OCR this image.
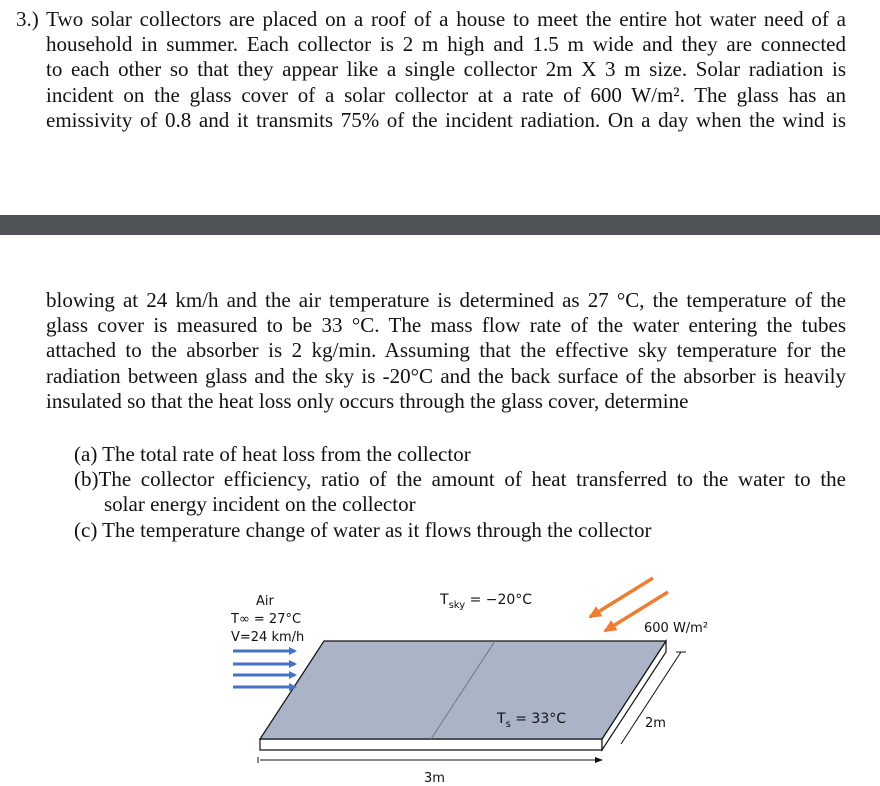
3.) Two solar collectors are placed on a roof of a house to meet the entire hot water need of a
household in summer. Each collector is 2 m high and 1.5 m wide and they are connected
to each other so that they appear like a single collector 2m X 3 m size. Solar radiation is
incident on the glass cover of a solar collector at a rate of 600 W/m². The glass has an
emissivity of 0.8 and it transmits 75% of the incident radiation. On a day when the wind is
blowing at 24 km/h and the air temperature is determined as 27 °C, the temperature of the
glass cover is measured to be 33 °C. The mass flow rate of the water entering the tubes
attached to the absorber is 2 kg/min. Assuming that the effective sky temperature for the
radiation between glass and the sky is -20°C and the back surface of the absorber is heavily
insulated so that the heat loss only occurs through the glass cover, determine
(a) The total rate of heat loss from the collector
(b)The collector efficiency, ratio of the amount of heat transferred to the water to the
solar energy incident on the collector
(c) The temperature change of water as it flows through the collector
Air
T∞ = 27°C
V=24 km/h
$T_{sky} = -20^\circ C$
600 W/m²
$T_s = 33^\circ C$	2m
3m
